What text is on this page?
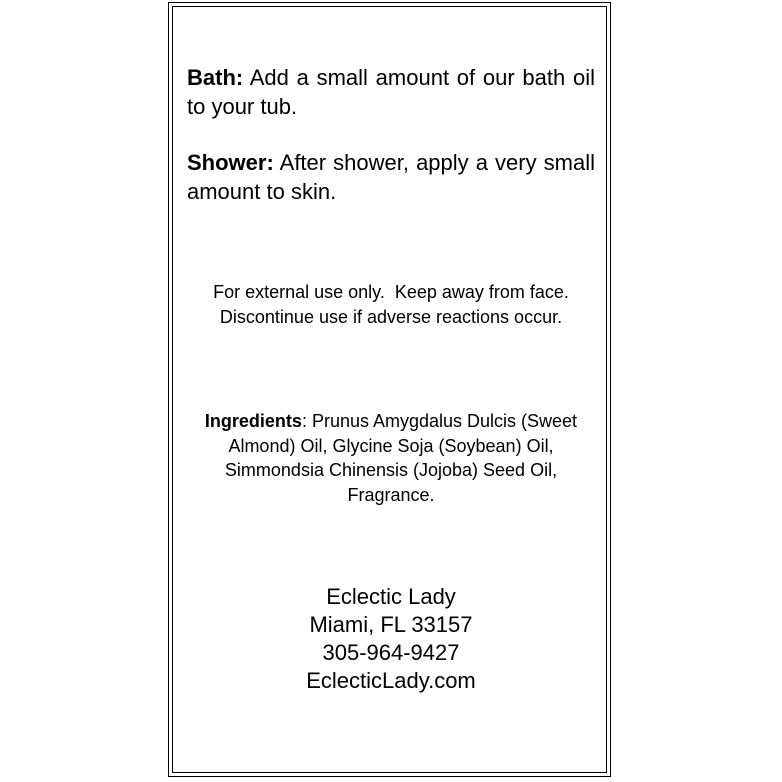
Bath: Add a small amount of our bath oil to your tub.

Shower: After shower, apply a very small amount to skin.

For external use only.  Keep away from face.  Discontinue use if adverse reactions occur.

Ingredients: Prunus Amygdalus Dulcis (Sweet Almond) Oil, Glycine Soja (Soybean) Oil, Simmondsia Chinensis (Jojoba) Seed Oil, Fragrance.

Eclectic Lady
Miami, FL 33157
305-964-9427
EclecticLady.com
